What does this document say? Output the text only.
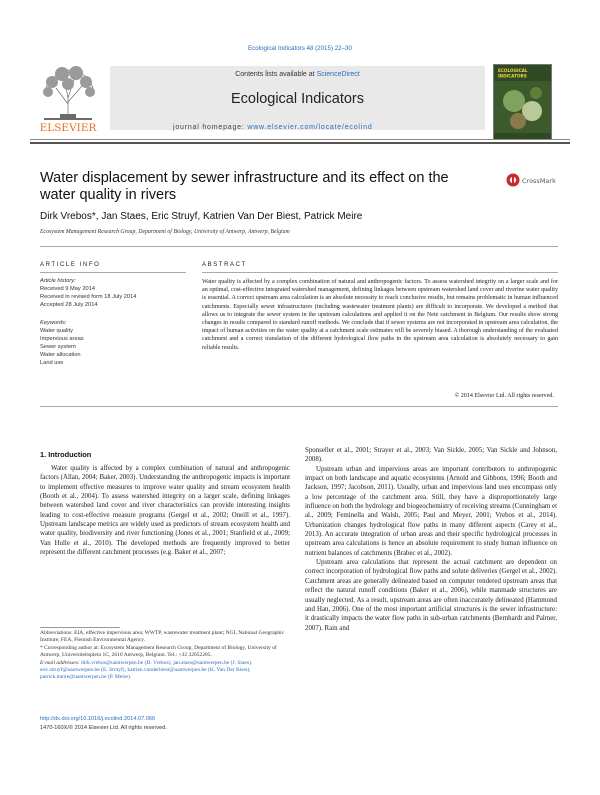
Ecological Indicators 48 (2015) 22–30
Contents lists available at ScienceDirect
Ecological Indicators
journal homepage: www.elsevier.com/locate/ecolind
ELSEVIER
ECOLOGICAL
INDICATORS
Water displacement by sewer infrastructure and its effect on the water quality in rivers
CrossMark
Dirk Vrebos*, Jan Staes, Eric Struyf, Katrien Van Der Biest, Patrick Meire
Ecosystem Management Research Group, Department of Biology, University of Antwerp, Antwerp, Belgium
ARTICLE INFO
Article history:
Received 9 May 2014
Received in revised form 18 July 2014
Accepted 28 July 2014
Keywords:
Water quality
Impervious areas
Sewer system
Water allocation
Land use
ABSTRACT
Water quality is affected by a complex combination of natural and anthropogenic factors. To assess watershed integrity on a larger scale and for an optimal, cost-effective integrated watershed management, defining linkages between upstream watershed land cover and riverine water quality is essential. A correct upstream area calculation is an absolute necessity to reach conclusive results, but remains problematic in human influenced catchments. Especially sewer infrastructures (including wastewater treatment plants) are difficult to incorporate. We developed a method that allows us to integrate the sewer system in the upstream calculations and applied it on the Nete catchment in Belgium. Our results show strong changes in results compared to standard runoff methods. We conclude that if sewer systems are not incorporated in upstream area calculation, the impact of human activities on the water quality at a catchment scale estimates will be severely biased. A thorough understanding of the evaluated catchment and a correct translation of the different hydrological flow paths in the upstream area calculation is absolutely necessary to gain reliable results.
© 2014 Elsevier Ltd. All rights reserved.
1. Introduction

Water quality is affected by a complex combination of natural and anthropogenic factors (Allan, 2004; Baker, 2003). Understanding the anthropogenic impacts is important to implement effective measures to improve water quality and stream ecosystem health (Booth et al., 2004). To assess watershed integrity on a larger scale, defining linkages between watershed land cover and river characteristics can provide interesting insights leading to cost-effective measure programs (Gergel et al., 2002; Oneill et al., 1997). Upstream landscape metrics are widely used as predictors of stream ecosystem health and water quality, biodiversity and river functioning (Jones et al., 2001; Stanfield et al., 2009; Van Hulle et al., 2010). The developed methods are frequently improved to better represent the different catchment processes (e.g. Baker et al., 2007;

Sponseller et al., 2001; Strayer et al., 2003; Van Sickle, 2005; Van Sickle and Johnson, 2008).

Upstream urban and impervious areas are important contributors to anthropogenic impact on both landscape and aquatic ecosystems (Arnold and Gibbons, 1996; Booth and Jackson, 1997; Jacobson, 2011). Usually, urban and impervious land uses encompass only a low percentage of the catchment area. Still, they have a disproportionately large influence on both the hydrology and biogeochemistry of receiving streams (Cunningham et al., 2009; Feminella and Walsh, 2005; Paul and Meyer, 2001; Vrebos et al., 2014). Urbanization changes hydrological flow paths in many different aspects (Carey et al., 2013). An accurate integration of urban areas and their specific hydrological processes in upstream area calculations is hence an absolute requirement to study human influence on nutrient balances of catchments (Brabec et al., 2002).

Upstream area calculations that represent the actual catchment are dependent on correct incorporation of hydrological flow paths and solute deliveries (Gergel et al., 2002). Catchment areas are generally delineated based on computer rendered upstream areas that reflect the natural runoff conditions (Baker et al., 2006), while manmade structures are usually neglected. As a result, upstream areas are often inaccurately delineated (Hammond and Han, 2006). One of the most important artificial structures is the sewer infrastructure: it drastically impacts the water flow paths in sub-urban catchments (Bernhardt and Palmer, 2007). Rain and

Abbreviations: EIA, effective impervious area; WWTP, wastewater treatment plant; NGI, National Geographic Institute; FEA, Flemish Environmental Agency.
* Corresponding author at: Ecosystem Management Research Group, Department of Biology, University of Antwerp, Universiteitsplein 1C, 2610 Antwerp, Belgium. Tel.: +32 32652285.
E-mail addresses: dirk.vrebos@uantwerpen.be (D. Vrebos), jan.staes@uantwerpen.be (J. Staes), eric.struyf@uantwerpen.be (E. Struyf), katrien.vanderbiest@uantwerpen.be (K. Van Der Biest), patrick.meire@uantwerpen.be (P. Meire).
http://dx.doi.org/10.1016/j.ecolind.2014.07.066
1470-160X/© 2014 Elsevier Ltd. All rights reserved.
